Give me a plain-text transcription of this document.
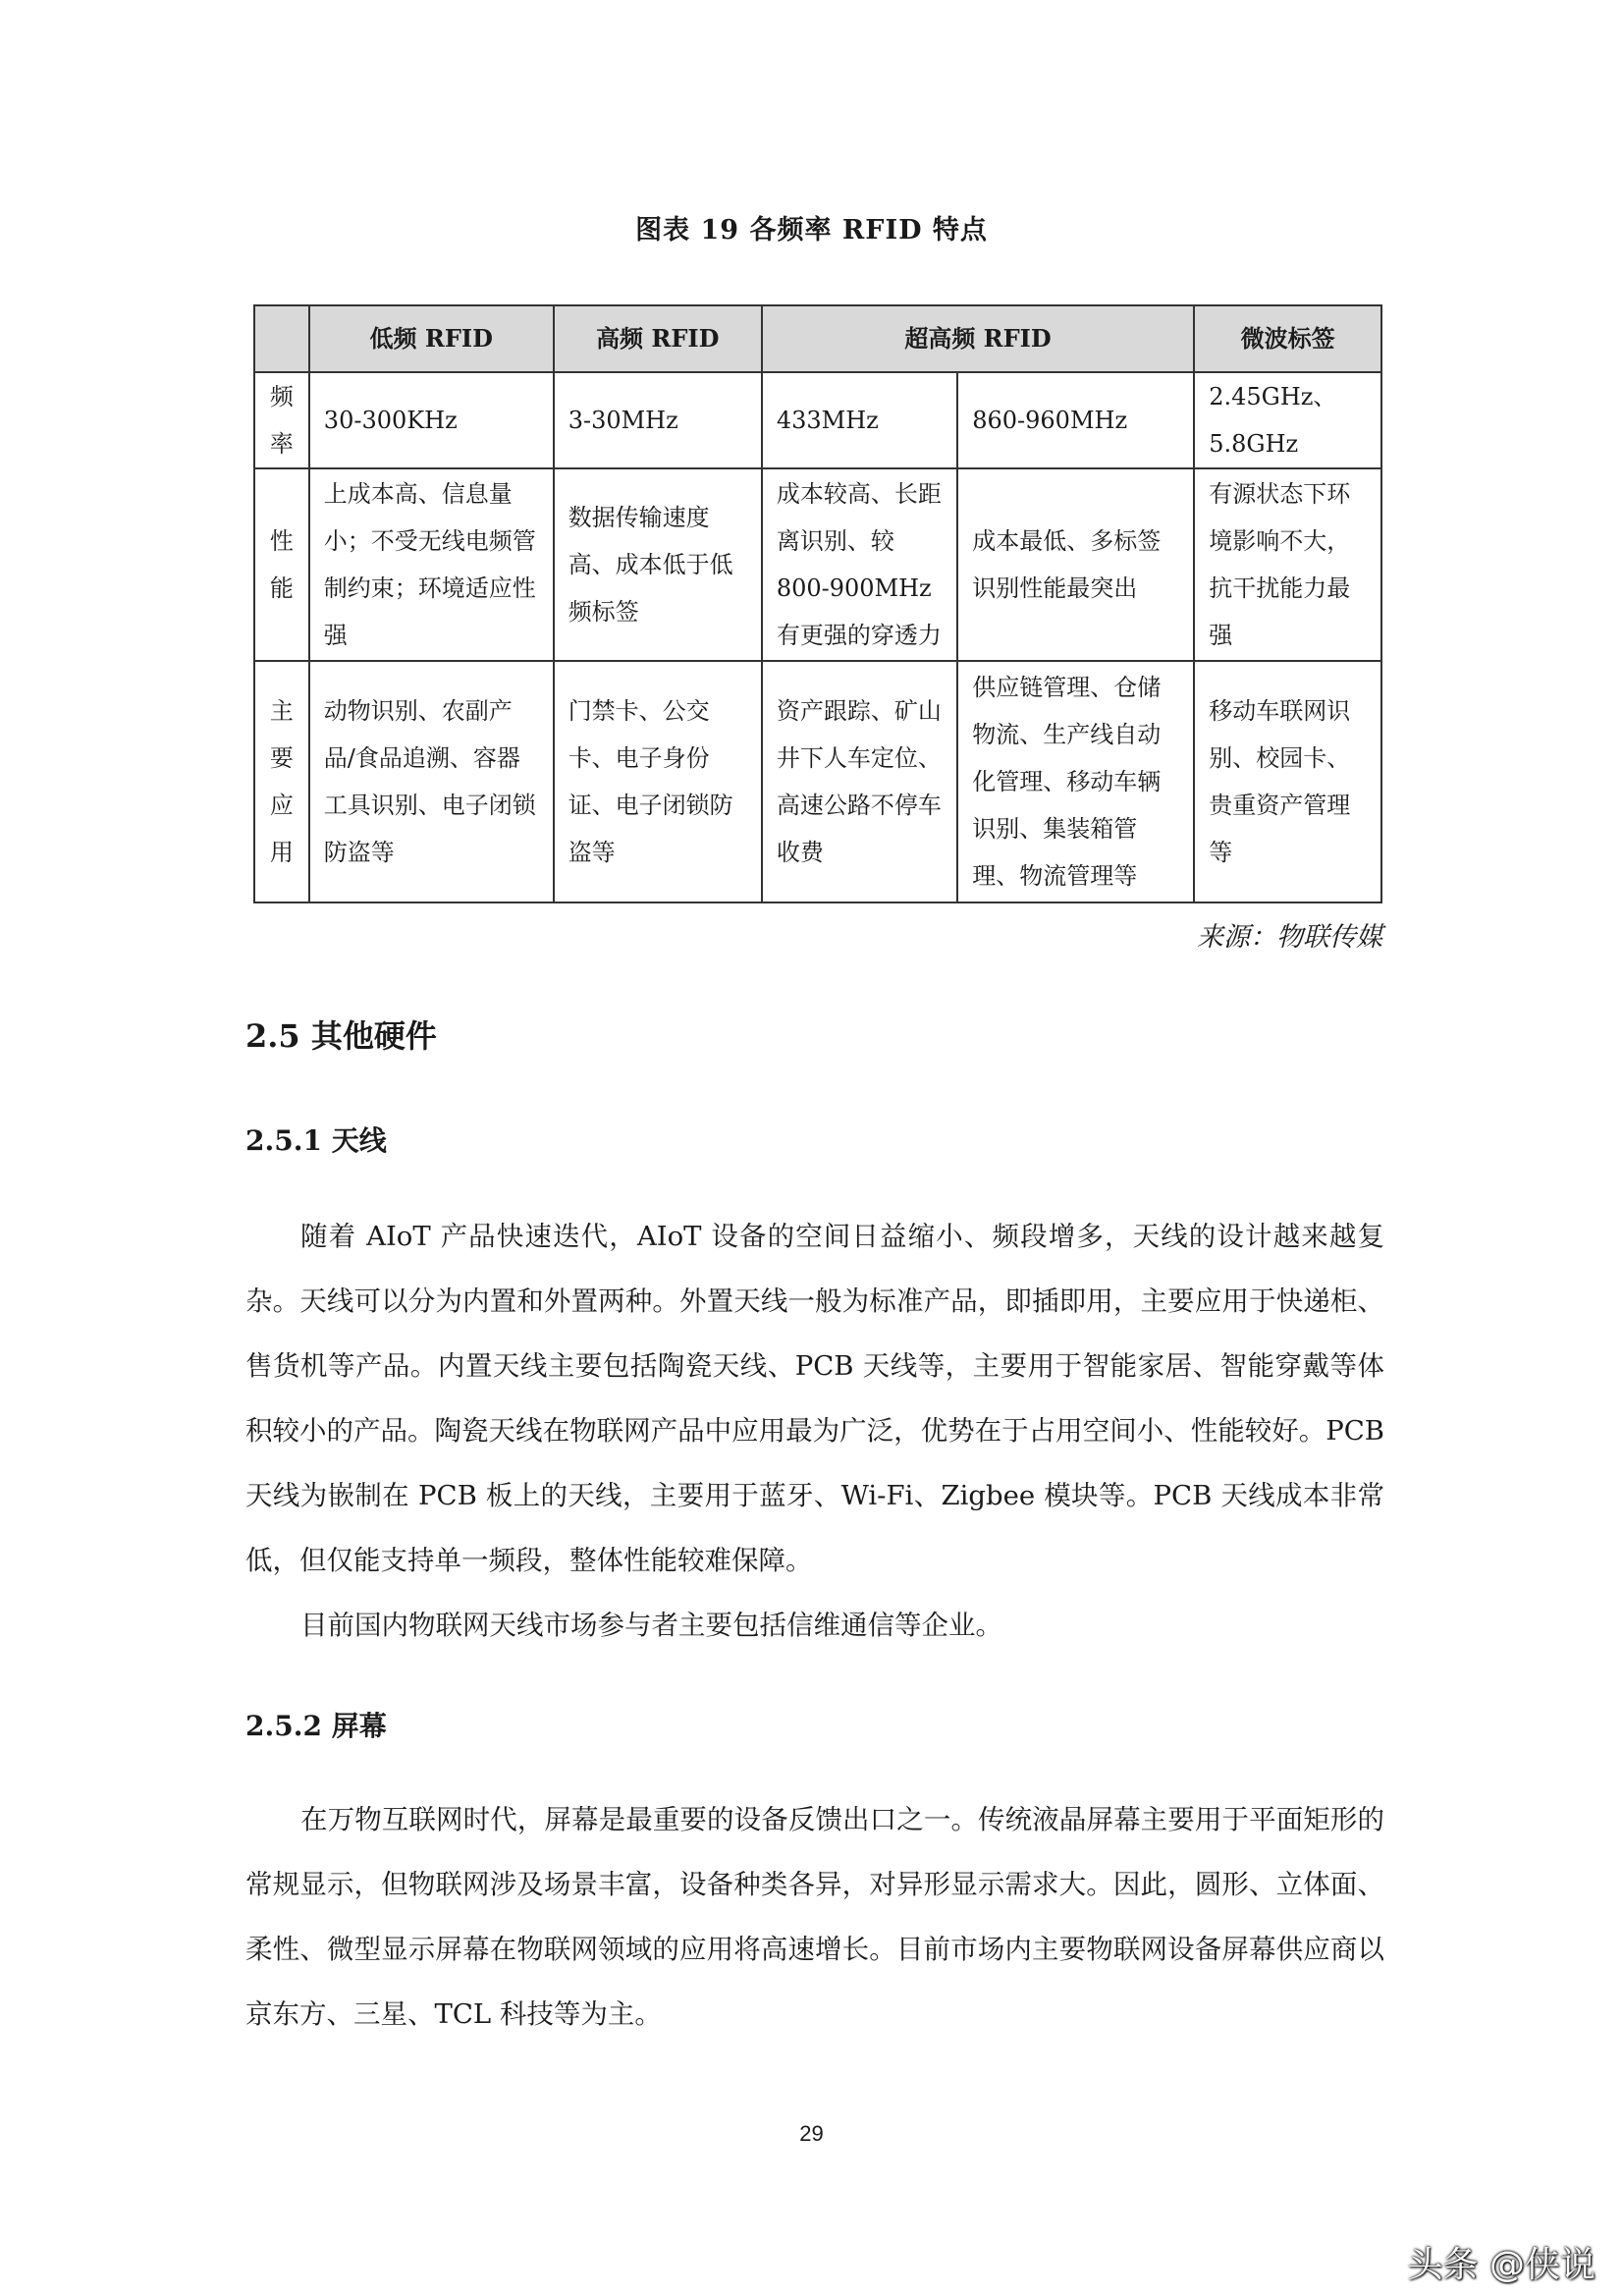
图表 19 各频率 RFID 特点
	低频 RFID	高频 RFID	超高频 RFID		微波标签

频
率	30-300KHz	3-30MHz	433MHz	860-960MHz	2.45GHz、5.8GHz

性
能	上成本高、信息量小；不受无线电频管制约束；环境适应性强	数据传输速度高、成本低于低频标签	成本较高、长距离识别、较800-900MHz 有更强的穿透力	成本最低、多标签识别性能最突出	有源状态下环境影响不大，抗干扰能力最强

主
要
应
用	动物识别、农副产品/食品追溯、容器工具识别、电子闭锁防盗等	门禁卡、公交卡、电子身份证、电子闭锁防盗等	资产跟踪、矿山井下人车定位、高速公路不停车收费	供应链管理、仓储物流、生产线自动化管理、移动车辆识别、集装箱管理、物流管理等	移动车联网识别、校园卡、贵重资产管理等
来源：物联传媒
2.5 其他硬件
2.5.1 天线

随着 AIoT 产品快速迭代，AIoT 设备的空间日益缩小、频段增多，天线的设计越来越复杂。天线可以分为内置和外置两种。外置天线一般为标准产品，即插即用，主要应用于快递柜、售货机等产品。内置天线主要包括陶瓷天线、PCB 天线等，主要用于智能家居、智能穿戴等体积较小的产品。陶瓷天线在物联网产品中应用最为广泛，优势在于占用空间小、性能较好。PCB 天线为嵌制在 PCB 板上的天线，主要用于蓝牙、Wi-Fi、Zigbee 模块等。PCB 天线成本非常低，但仅能支持单一频段，整体性能较难保障。

目前国内物联网天线市场参与者主要包括信维通信等企业。

2.5.2 屏幕

在万物互联网时代，屏幕是最重要的设备反馈出口之一。传统液晶屏幕主要用于平面矩形的常规显示，但物联网涉及场景丰富，设备种类各异，对异形显示需求大。因此，圆形、立体面、柔性、微型显示屏幕在物联网领域的应用将高速增长。目前市场内主要物联网设备屏幕供应商以京东方、三星、TCL 科技等为主。

29
头条 @侠说
